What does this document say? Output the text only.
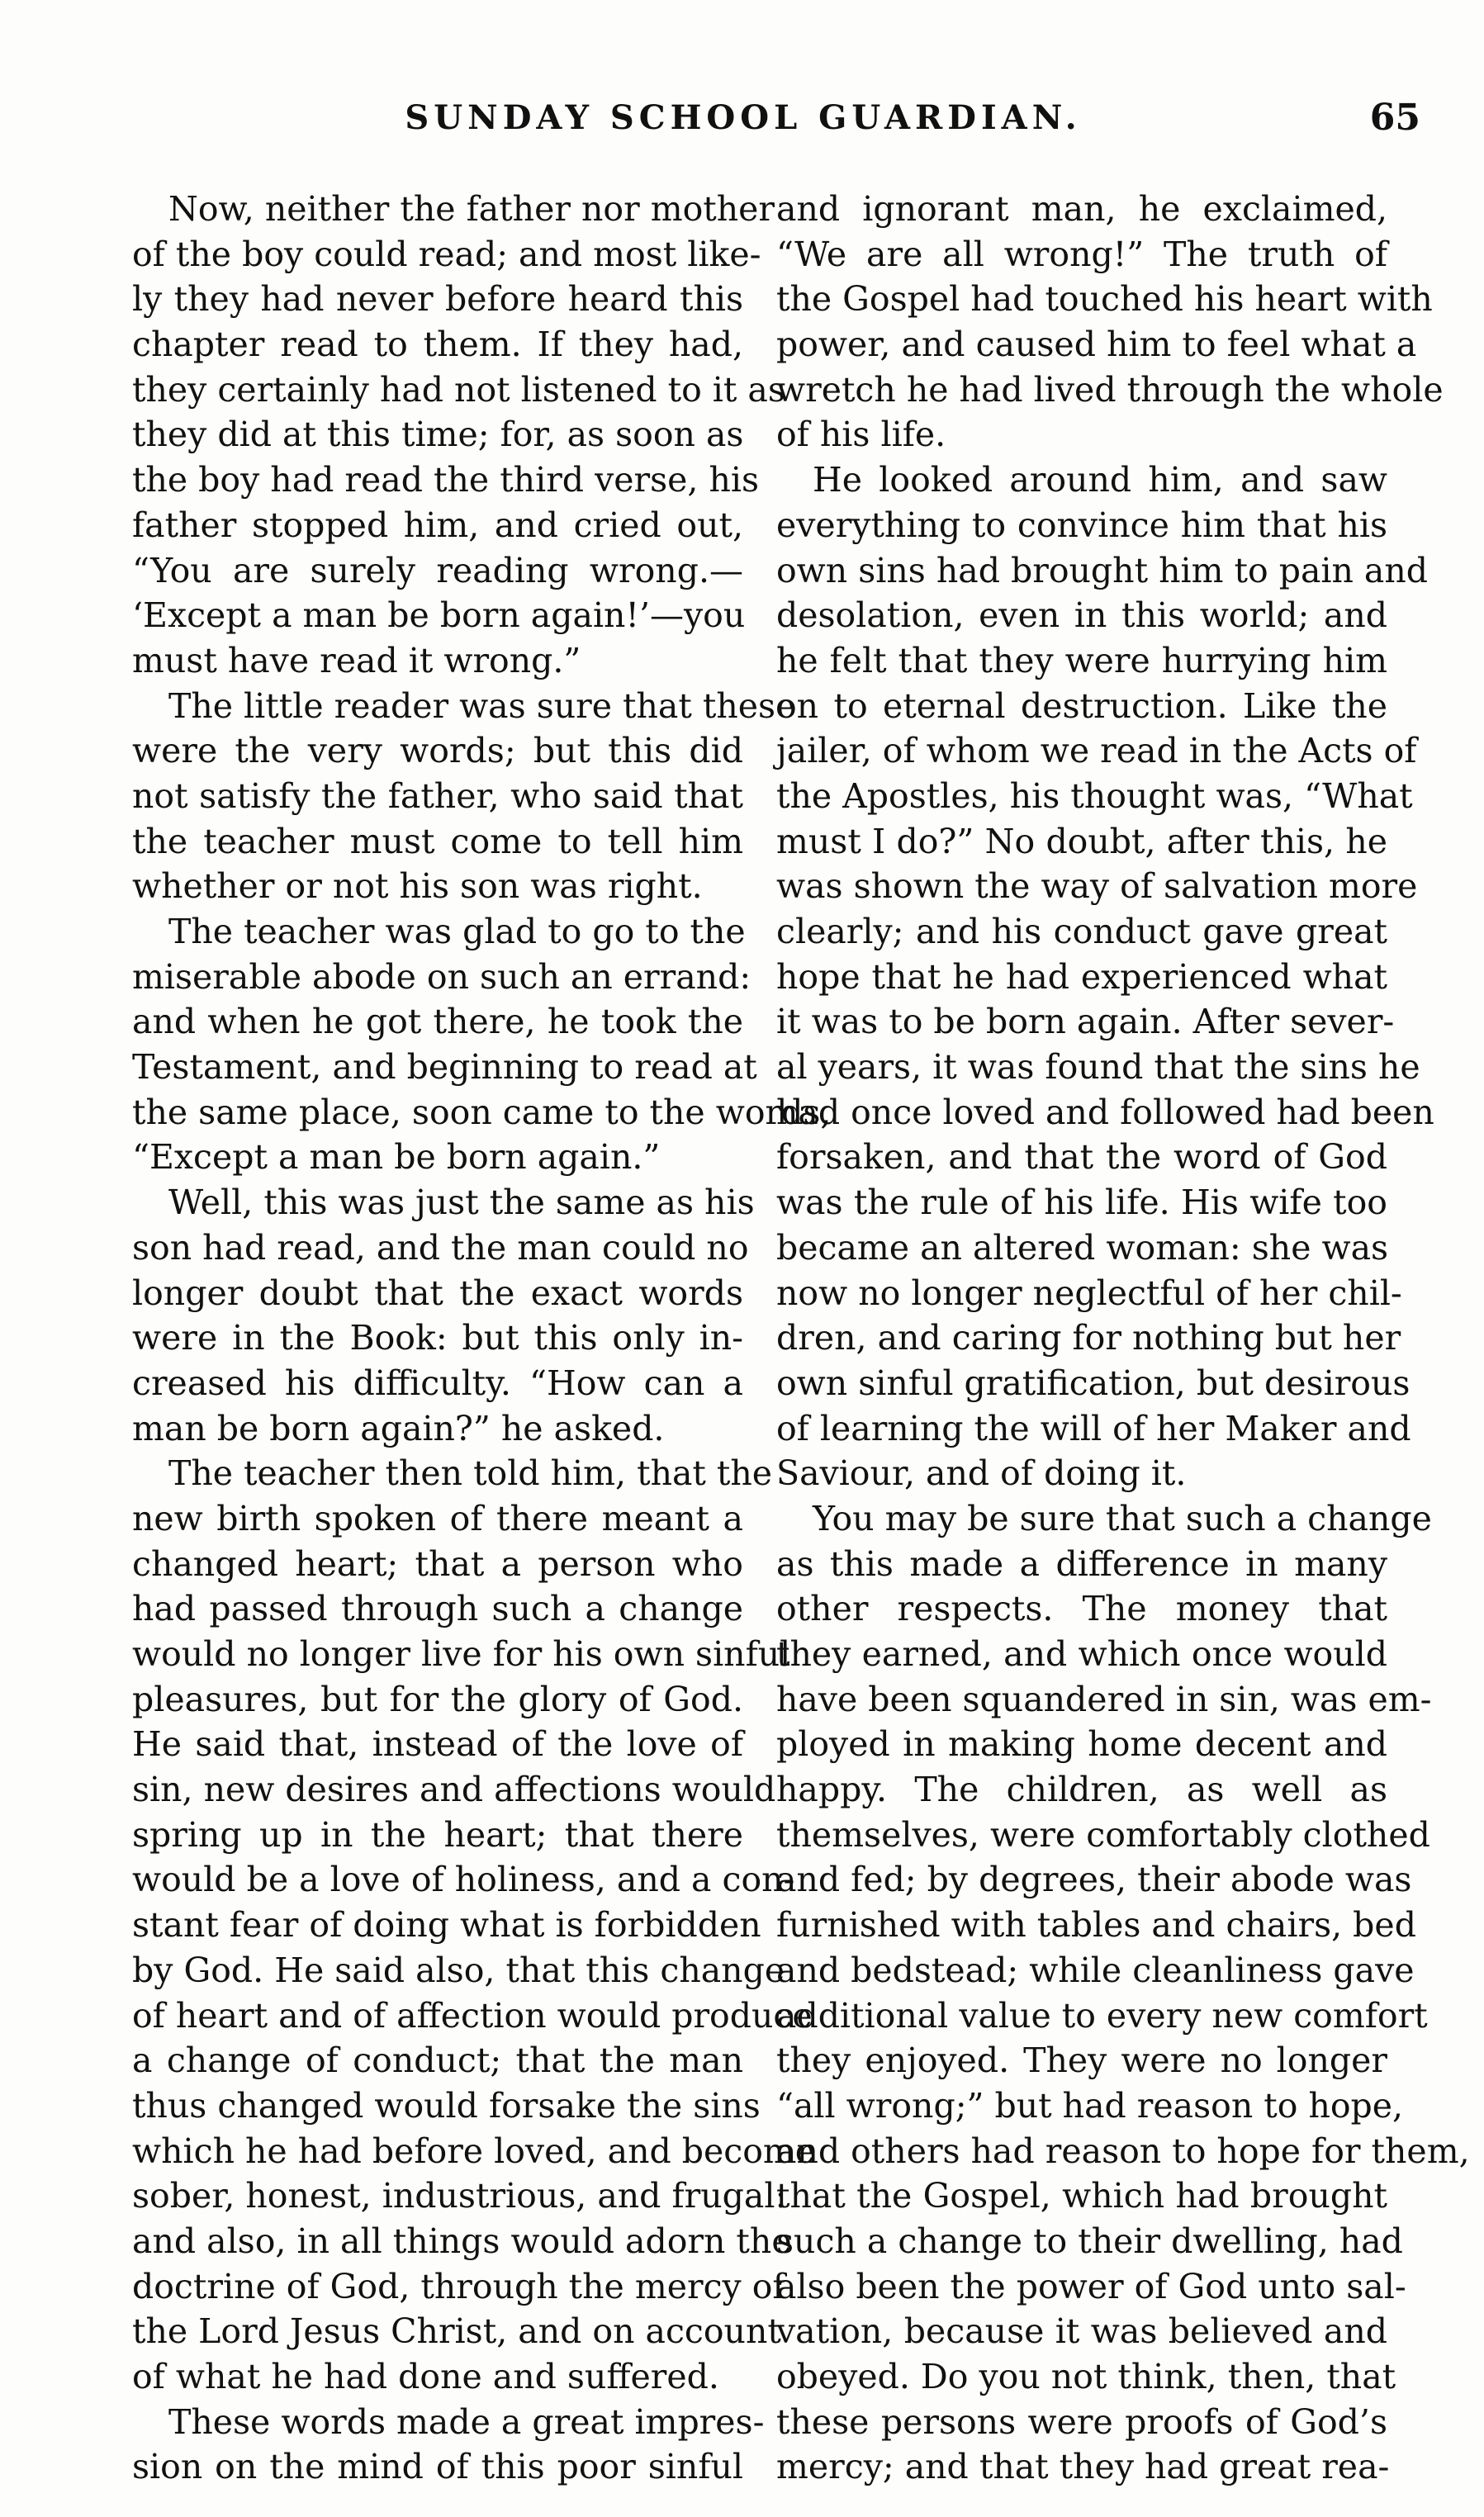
SUNDAY SCHOOL GUARDIAN.	65
Now, neither the father nor mother
of the boy could read; and most like-
ly they had never before heard this
chapter read to them. If they had,
they certainly had not listened to it as
they did at this time; for, as soon as
the boy had read the third verse, his
father stopped him, and cried out,
“You are surely reading wrong.—
‘Except a man be born again!’—you
must have read it wrong.”
The little reader was sure that these
were the very words; but this did
not satisfy the father, who said that
the teacher must come to tell him
whether or not his son was right.
The teacher was glad to go to the
miserable abode on such an errand:
and when he got there, he took the
Testament, and beginning to read at
the same place, soon came to the words,
“Except a man be born again.”
Well, this was just the same as his
son had read, and the man could no
longer doubt that the exact words
were in the Book: but this only in-
creased his difficulty. “How can a
man be born again?” he asked.
The teacher then told him, that the
new birth spoken of there meant a
changed heart; that a person who
had passed through such a change
would no longer live for his own sinful
pleasures, but for the glory of God.
He said that, instead of the love of
sin, new desires and affections would
spring up in the heart; that there
would be a love of holiness, and a con-
stant fear of doing what is forbidden
by God. He said also, that this change
of heart and of affection would produce
a change of conduct; that the man
thus changed would forsake the sins
which he had before loved, and become
sober, honest, industrious, and frugal:
and also, in all things would adorn the
doctrine of God, through the mercy of
the Lord Jesus Christ, and on account
of what he had done and suffered.
These words made a great impres-
sion on the mind of this poor sinful
and ignorant man, he exclaimed,
“We are all wrong!” The truth of
the Gospel had touched his heart with
power, and caused him to feel what a
wretch he had lived through the whole
of his life.
He looked around him, and saw
everything to convince him that his
own sins had brought him to pain and
desolation, even in this world; and
he felt that they were hurrying him
on to eternal destruction. Like the
jailer, of whom we read in the Acts of
the Apostles, his thought was, “What
must I do?” No doubt, after this, he
was shown the way of salvation more
clearly; and his conduct gave great
hope that he had experienced what
it was to be born again. After sever-
al years, it was found that the sins he
had once loved and followed had been
forsaken, and that the word of God
was the rule of his life. His wife too
became an altered woman: she was
now no longer neglectful of her chil-
dren, and caring for nothing but her
own sinful gratification, but desirous
of learning the will of her Maker and
Saviour, and of doing it.
You may be sure that such a change
as this made a difference in many
other respects. The money that
they earned, and which once would
have been squandered in sin, was em-
ployed in making home decent and
happy. The children, as well as
themselves, were comfortably clothed
and fed; by degrees, their abode was
furnished with tables and chairs, bed
and bedstead; while cleanliness gave
additional value to every new comfort
they enjoyed. They were no longer
“all wrong;” but had reason to hope,
and others had reason to hope for them,
that the Gospel, which had brought
such a change to their dwelling, had
also been the power of God unto sal-
vation, because it was believed and
obeyed. Do you not think, then, that
these persons were proofs of God’s
mercy; and that they had great rea-
